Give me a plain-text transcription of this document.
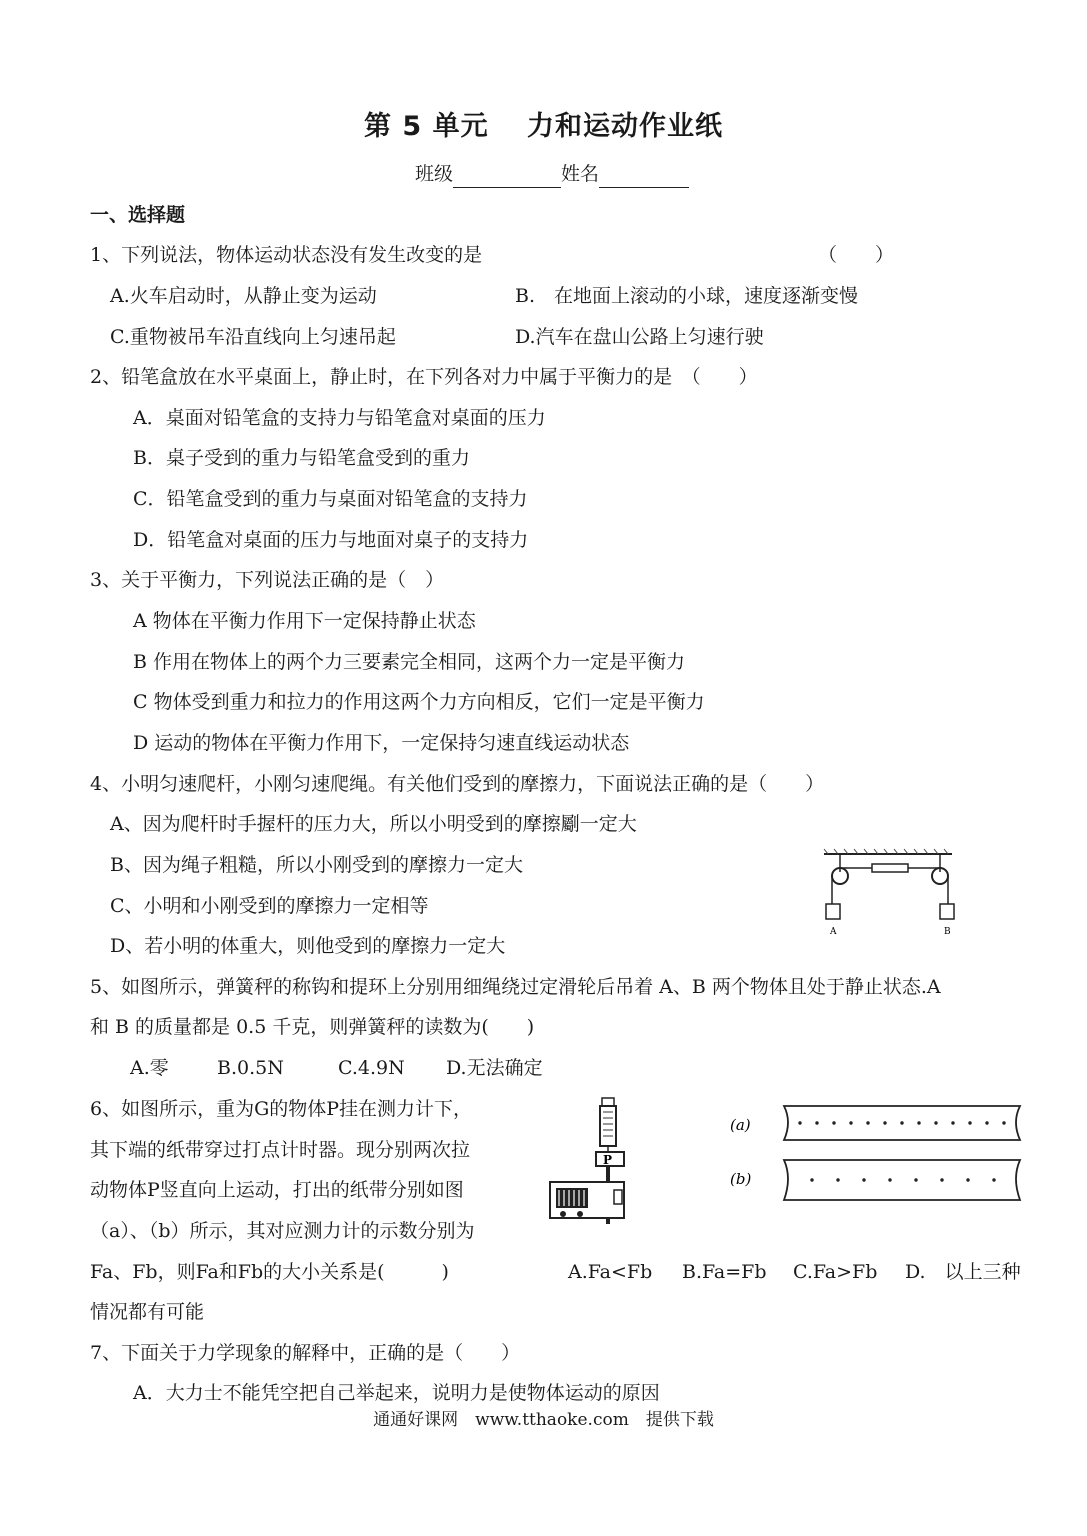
第 5 单元　 力和运动作业纸
班级	姓名
一、选择题
1、下列说法，物体运动状态没有发生改变的是	（　　）
A.火车启动时，从静止变为运动	B.　在地面上滚动的小球，速度逐渐变慢
C.重物被吊车沿直线向上匀速吊起	D.汽车在盘山公路上匀速行驶
2、铅笔盒放在水平桌面上，静止时，在下列各对力中属于平衡力的是　（　　）
A．桌面对铅笔盒的支持力与铅笔盒对桌面的压力
B．桌子受到的重力与铅笔盒受到的重力
C．铅笔盒受到的重力与桌面对铅笔盒的支持力
D．铅笔盒对桌面的压力与地面对桌子的支持力
3、关于平衡力，下列说法正确的是（　）
A 物体在平衡力作用下一定保持静止状态
B 作用在物体上的两个力三要素完全相同，这两个力一定是平衡力
C 物体受到重力和拉力的作用这两个力方向相反，它们一定是平衡力
D 运动的物体在平衡力作用下，一定保持匀速直线运动状态
4、小明匀速爬杆，小刚匀速爬绳。有关他们受到的摩擦力，下面说法正确的是（　　）
A、因为爬杆时手握杆的压力大，所以小明受到的摩擦劚一定大
B、因为绳子粗糙，所以小刚受到的摩擦力一定大
C、小明和小刚受到的摩擦力一定相等
D、若小明的体重大，则他受到的摩擦力一定大
A	B
5、如图所示，弹簧秤的称钩和提环上分别用细绳绕过定滑轮后吊着 A、B 两个物体且处于静止状态.A
和 B 的质量都是 0.5 千克，则弹簧秤的读数为(　　)
A.零	B.0.5N	C.4.9N D.无法确定
6、如图所示，重为G的物体P挂在测力计下，
其下端的纸带穿过打点计时器。现分别两次拉
动物体P竖直向上运动，打出的纸带分别如图
（a）、（b）所示，其对应测力计的示数分别为
Fa、Fb，则Fa和Fb的大小关系是(　　　)	A.Fa<Fb B.Fa=Fb C.Fa>Fb D.　以上三种
情况都有可能
P
(a)
(b)
7、下面关于力学现象的解释中，正确的是（　　）
A．大力士不能凭空把自己举起来，说明力是使物体运动的原因
通通好课网　www.tthaoke.com　提供下载
